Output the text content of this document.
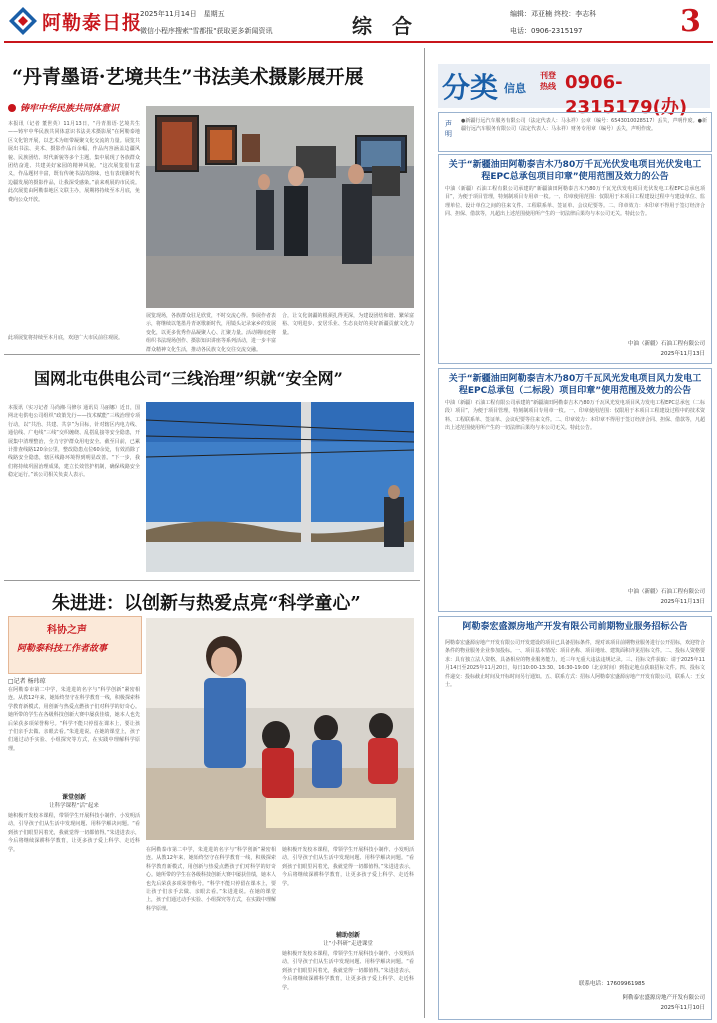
阿勒泰日报
2025年11月14日　星期五
微信小程序搜索"雪都报"获取更多新闻资讯	综　合	编辑：邓亚楠 终校：李志科
电话：0906-2315197	3
“丹青墨语·艺境共生”书法美术摄影展开展
铸牢中华民族共同体意识
本报讯（记者 董世英）11月13日，“丹青墨语·艺境共生——铸牢中华民族共同体意识书法美术摄影展”在阿勒泰地区文化馆开展，以艺术为纽带凝聚文化交流的力量。展览共展出书法、美术、摄影作品百余幅，作品内容涵盖边疆风貌、民族团结、时代新貌等多个主题，集中展现了各族群众团结奋进、共建美好家园的精神风貌。“这次展览很有意义，作品题材丰富，既有传统书法的韵味，也有表现新时代边疆发展的摄影作品，让我深受感染。”前来观展的市民说。此次展览由阿勒泰地区文联主办，展期将持续至本月底，免费向公众开放。
展览现场，各族群众驻足欣赏，不时交流心得。参展作者表示，将继续以笔墨丹青讴歌新时代，用镜头记录家乡的发展变化，以更多优秀作品凝聚人心、汇聚力量。活动期间还将组织书法现场创作、摄影知识讲座等系列活动，进一步丰富群众精神文化生活，推动各民族文化交往交流交融。
合，让文化润疆的根须扎得更深，为建设团结和谐、繁荣富裕、文明进步、安居乐业、生态良好的美好新疆贡献文化力量。
此项展览将持续至本月底，欢迎广大市民前往观展。
国网北屯供电公司“三线治理”织就“安全网”
本报讯（实习记者 马尚湘·马修尔 通讯员 马丽娜）近日，国网北屯供电公司组织“政策先行——技术赋能”三线治理专项行动，以“共治、共建、共享”为目标，针对辖区内电力线、通信线、广电线“三线”交织缠绕、乱搭乱接等安全隐患，开展集中清理整治，全力守护群众用电安全。截至目前，已累计排查线路120余公里，整改隐患点位60余处，有效消除了线路安全隐患，辖区线路环境得到明显改善。“下一步，我们将持续巩固治理成果，建立长效管护机制，确保线路安全稳定运行。”该公司相关负责人表示。
朱进进：以创新与热爱点亮“科学童心”
科协之声
阿勒泰科技工作者故事
□记者 杨玮琼
在阿勒泰市第二中学，朱进进的名字与“科学创新”紧密相连。从教12年来，她始终坚守在科学教育一线，积极探索科学教育新模式，用创新与热爱点燃孩子们对科学的好奇心。她所带的学生在各级科技创新大赛中屡获佳绩，她本人也先后荣获多项荣誉称号。“科学不能只停留在课本上，要让孩子们亲手去做、亲眼去看。”朱进进说。在她的课堂上，孩子们通过动手实验、小组探究等方式，在实践中理解科学原理。
课堂创新
让科学课程“活”起来
她积极开发校本课程，带领学生开展科技小制作、小发明活动，引导孩子们从生活中发现问题、用科学解决问题。“看到孩子们眼里闪着光，我就觉得一切都值得。”朱进进表示，今后将继续深耕科学教育，让更多孩子爱上科学、走近科学。	在阿勒泰市第二中学，朱进进的名字与“科学创新”紧密相连。从教12年来，她始终坚守在科学教育一线，积极探索科学教育新模式，用创新与热爱点燃孩子们对科学的好奇心。她所带的学生在各级科技创新大赛中屡获佳绩，她本人也先后荣获多项荣誉称号。“科学不能只停留在课本上，要让孩子们亲手去做、亲眼去看。”朱进进说。在她的课堂上，孩子们通过动手实验、小组探究等方式，在实践中理解科学原理。
辅助创新
让“小科研”走进课堂
她积极开发校本课程，带领学生开展科技小制作、小发明活动，引导孩子们从生活中发现问题、用科学解决问题。“看到孩子们眼里闪着光，我就觉得一切都值得。”朱进进表示，今后将继续深耕科学教育，让更多孩子爱上科学、走近科学。
她积极开发校本课程，带领学生开展科技小制作、小发明活动，引导孩子们从生活中发现问题、用科学解决问题。“看到孩子们眼里闪着光，我就觉得一切都值得。”朱进进表示，今后将继续深耕科学教育，让更多孩子爱上科学、走近科学。
分类 信息
刊登
热线 0906-2315179(办)
声明
●新疆行远汽车服务有限公司（法定代表人：马永祥）公章（编号：6543010028517）丢失，声明作废。●新疆行远汽车服务有限公司（法定代表人：马永祥）财务专用章（编号）丢失，声明作废。
关于“新疆油田阿勒泰吉木乃80万千瓦光伏发电项目光伏发电工程EPC总承包项目印章”使用范围及效力的公告
中油（新疆）石油工程有限公司承建的“新疆油田阿勒泰吉木乃80万千瓦光伏发电项目光伏发电工程EPC总承包项目”，为便于项目管理，特刻制项目专用章一枚。一、印章使用范围：仅限用于本项目工程建设过程中与建设单位、监理单位、设计单位之间的往来文件、工程联系单、签证单、会议纪要等。二、印章效力：本印章不得用于签订经济合同、担保、借款等，凡超出上述范围使用所产生的一切法律后果均与本公司无关。特此公告。
中油（新疆）石油工程有限公司
2025年11月13日
关于“新疆油田阿勒泰吉木乃80万千瓦风光发电项目风力发电工程EPC总承包（二标段）项目印章”使用范围及效力的公告
中油（新疆）石油工程有限公司承建的“新疆油田阿勒泰吉木乃80万千瓦风光发电项目风力发电工程EPC总承包（二标段）项目”，为便于项目管理，特刻制项目专用章一枚。一、印章使用范围：仅限用于本项目工程建设过程中的技术资料、工程联系单、签证单、会议纪要等往来文件。二、印章效力：本印章不得用于签订经济合同、担保、借款等，凡超出上述范围使用所产生的一切法律后果均与本公司无关。特此公告。
中油（新疆）石油工程有限公司
2025年11月13日
阿勒泰宏盛源房地产开发有限公司前期物业服务招标公告
阿勒泰宏盛源房地产开发有限公司开发建设的项目已具备招标条件，现对该项目前期物业服务进行公开招标，欢迎符合条件的物业服务企业参加投标。一、项目基本情况：项目名称、项目地址、建筑面积详见招标文件。二、投标人资格要求：具有独立法人资格，具备相应的物业服务能力，近三年无重大违法违规记录。三、招标文件获取：请于2025年11月14日至2025年11月20日，每日10:00-13:30、16:30-19:00（北京时间）到指定地点获取招标文件。四、投标文件递交：投标截止时间及开标时间另行通知。五、联系方式：招标人阿勒泰宏盛源房地产开发有限公司，联系人：王女士。
联系电话：17609961985
阿勒泰宏盛源房地产开发有限公司
2025年11月10日
